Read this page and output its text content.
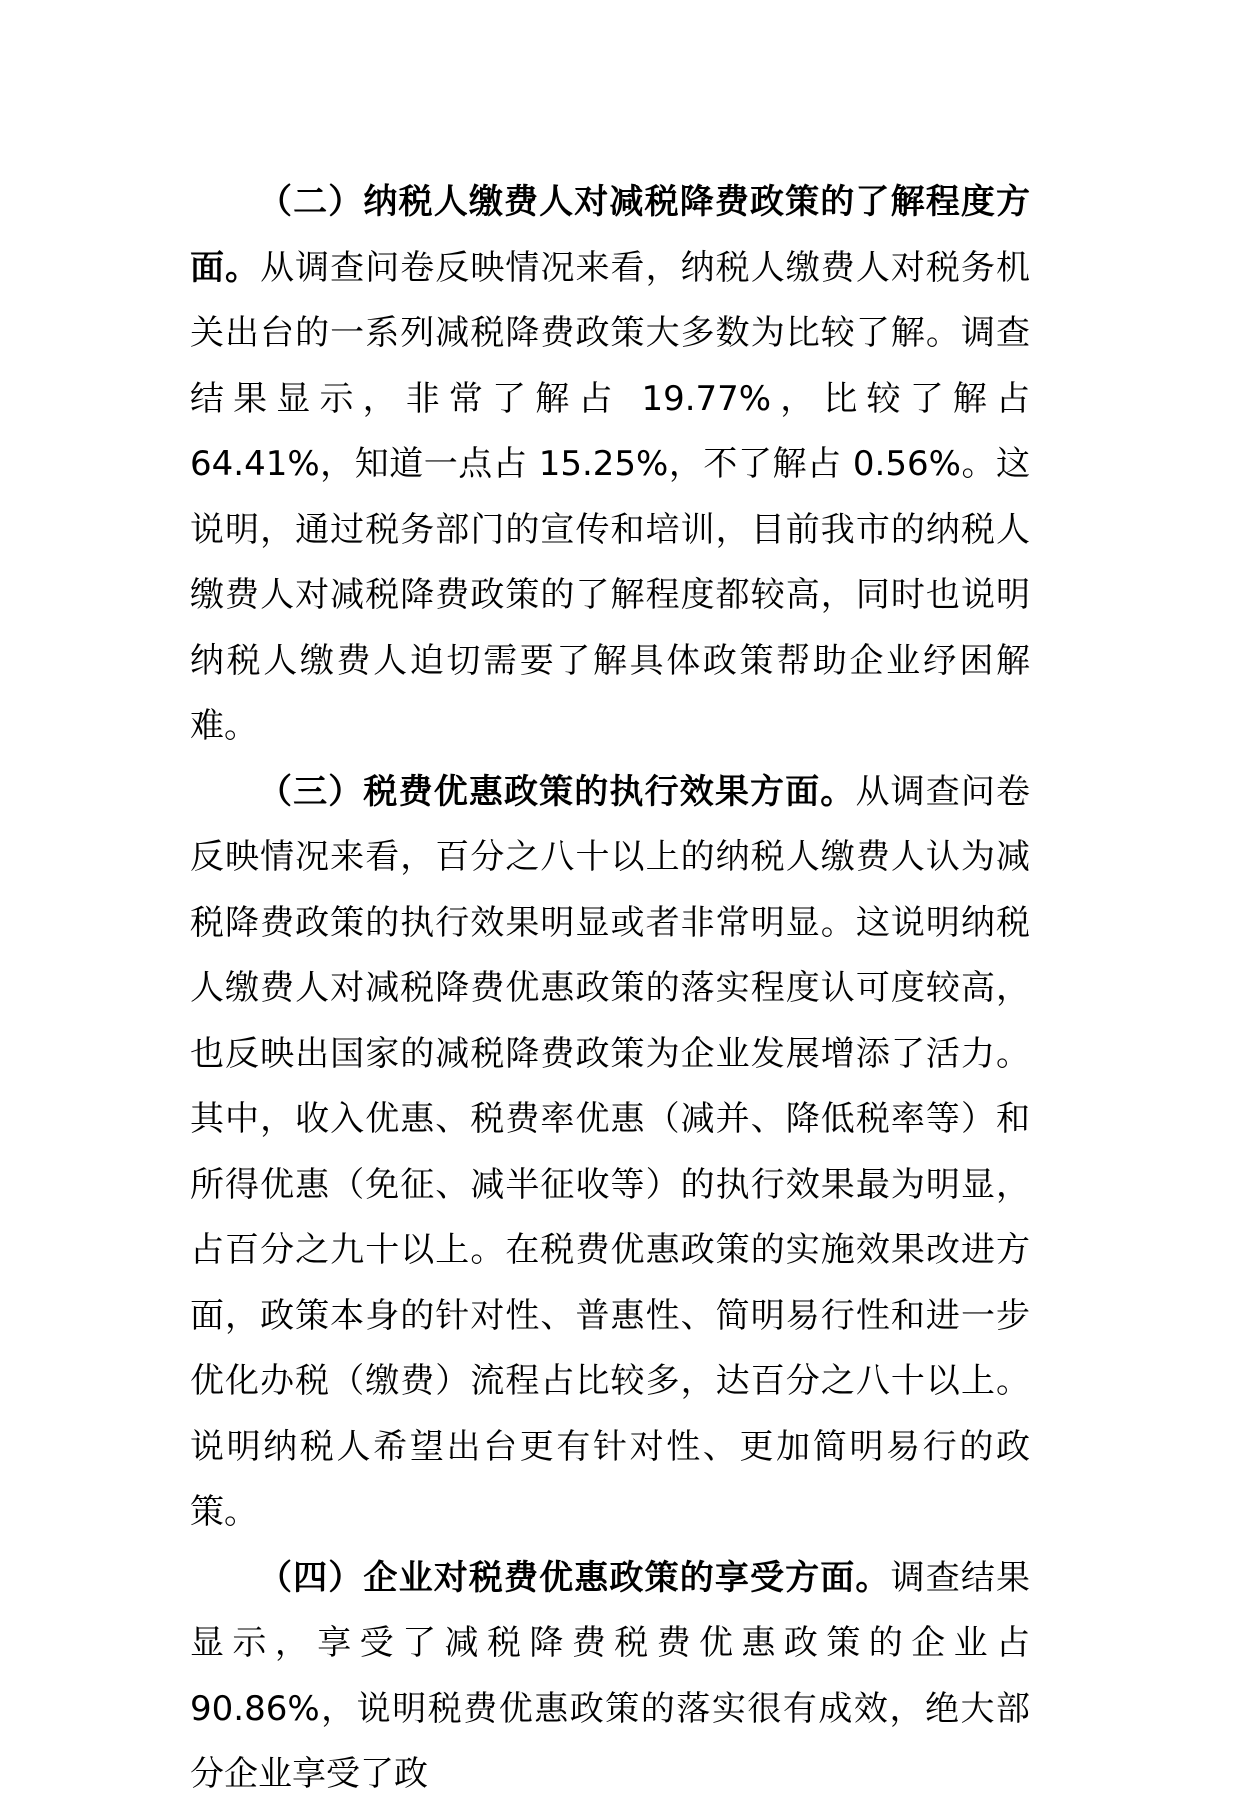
（二）纳税人缴费人对减税降费政策的了解程度方面。从调查问卷反映情况来看，纳税人缴费人对税务机关出台的一系列减税降费政策大多数为比较了解。调查结果显示，非常了解占 19.77%，比较了解占 64.41%，知道一点占 15.25%，不了解占 0.56%。这说明，通过税务部门的宣传和培训，目前我市的纳税人缴费人对减税降费政策的了解程度都较高，同时也说明纳税人缴费人迫切需要了解具体政策帮助企业纾困解难。

（三）税费优惠政策的执行效果方面。从调查问卷反映情况来看，百分之八十以上的纳税人缴费人认为减税降费政策的执行效果明显或者非常明显。这说明纳税人缴费人对减税降费优惠政策的落实程度认可度较高，也反映出国家的减税降费政策为企业发展增添了活力。其中，收入优惠、税费率优惠（减并、降低税率等）和所得优惠（免征、减半征收等）的执行效果最为明显，占百分之九十以上。在税费优惠政策的实施效果改进方面，政策本身的针对性、普惠性、简明易行性和进一步优化办税（缴费）流程占比较多，达百分之八十以上。说明纳税人希望出台更有针对性、更加简明易行的政策。

（四）企业对税费优惠政策的享受方面。调查结果显示，享受了减税降费税费优惠政策的企业占 90.86%，说明税费优惠政策的落实很有成效，绝大部分企业享受了政
